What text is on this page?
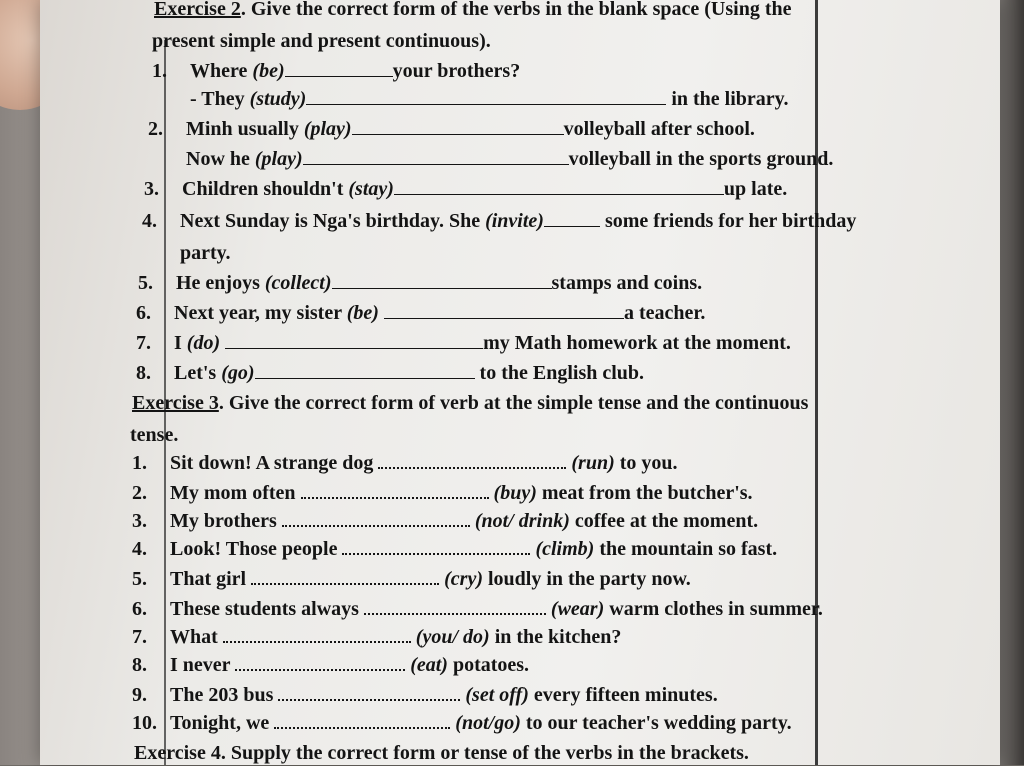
Exercise 2. Give the correct form of the verbs in the blank space (Using the
present simple and present continuous).
1. Where (be)	your brothers?
- They (study)	in the library.
2. Minh usually (play)	volleyball after school.
Now he (play)	volleyball in the sports ground.
3. Children shouldn't (stay)	up late.
4. Next Sunday is Nga's birthday. She (invite)	some friends for her birthday
party.
5. He enjoys (collect)	stamps and coins.
6. Next year, my sister (be)	a teacher.
7. I (do)	my Math homework at the moment.
8. Let's (go)	to the English club.
Exercise 3. Give the correct form of verb at the simple tense and the continuous
tense.
1. Sit down! A strange dog	(run) to you.
2. My mom often	(buy) meat from the butcher's.
3. My brothers	(not/ drink) coffee at the moment.
4. Look! Those people	(climb) the mountain so fast.
5. That girl	(cry) loudly in the party now.
6. These students always	(wear) warm clothes in summer.
7. What	(you/ do) in the kitchen?
8. I never	(eat) potatoes.
9. The 203 bus	(set off) every fifteen minutes.
10. Tonight, we	(not/go) to our teacher's wedding party.
Exercise 4. Supply the correct form or tense of the verbs in the brackets.
